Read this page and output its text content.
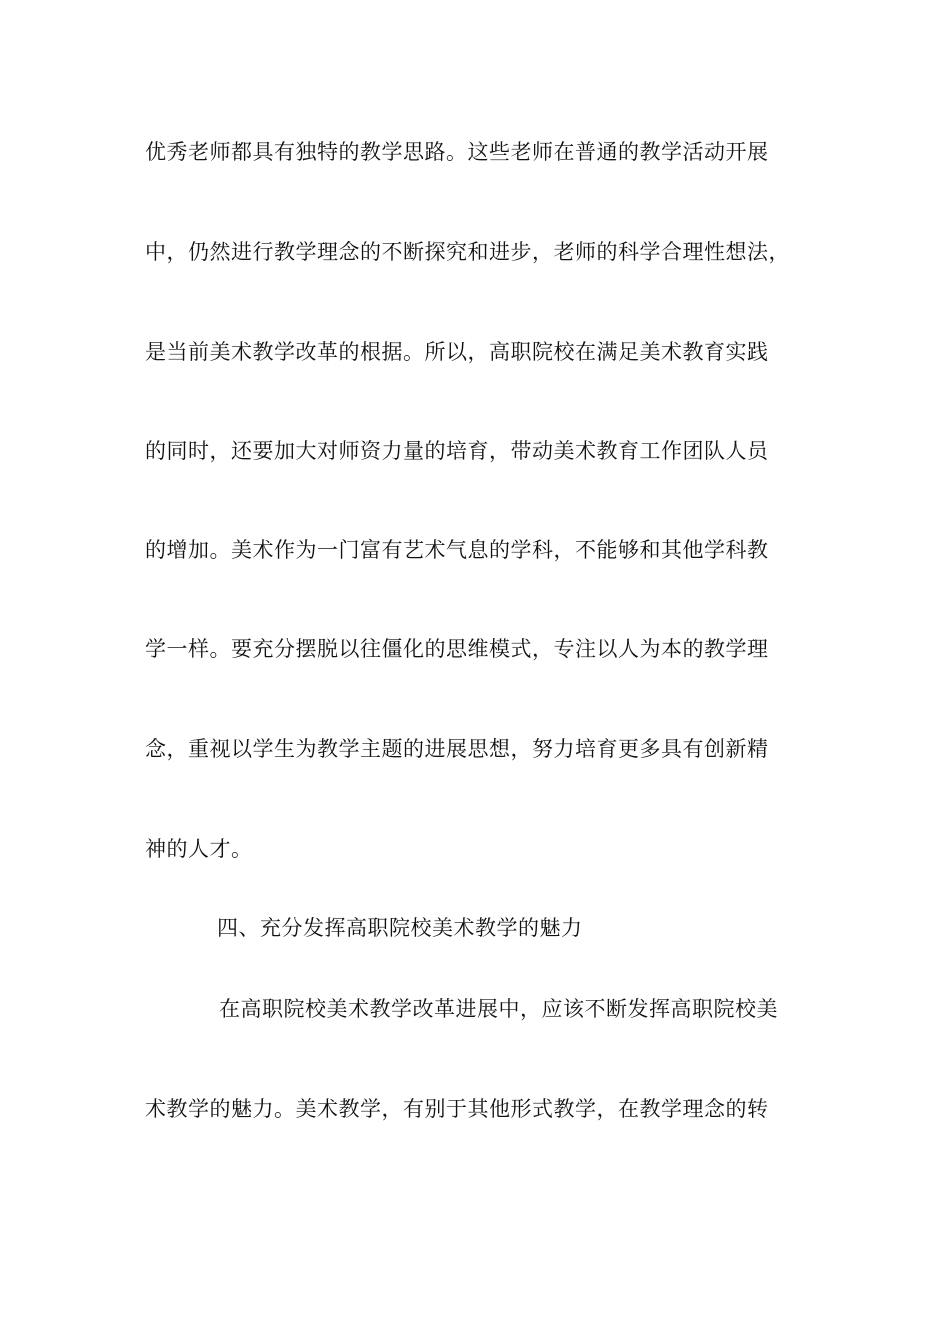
优秀老师都具有独特的教学思路。这些老师在普通的教学活动开展
中，仍然进行教学理念的不断探究和进步，老师的科学合理性想法，
是当前美术教学改革的根据。所以，高职院校在满足美术教育实践
的同时，还要加大对师资力量的培育，带动美术教育工作团队人员
的增加。美术作为一门富有艺术气息的学科，不能够和其他学科教
学一样。要充分摆脱以往僵化的思维模式，专注以人为本的教学理
念，重视以学生为教学主题的进展思想，努力培育更多具有创新精
神的人才。
四、充分发挥高职院校美术教学的魅力
在高职院校美术教学改革进展中，应该不断发挥高职院校美
术教学的魅力。美术教学，有别于其他形式教学，在教学理念的转
